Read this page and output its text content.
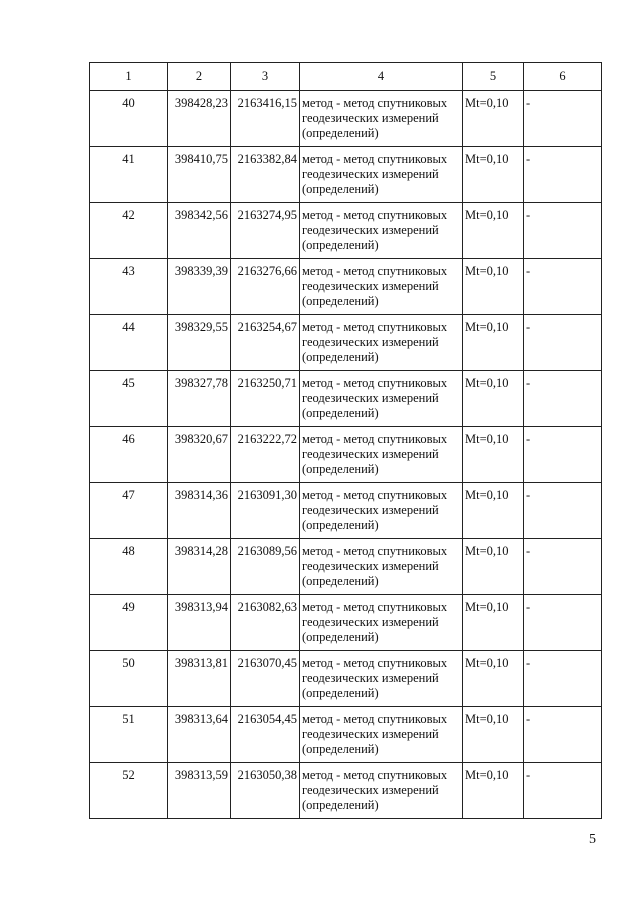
1	2	3	4	5	6
40	398428,23	2163416,15	метод - метод спутниковых геодезических измерений (определений)	Mt=0,10	-
41	398410,75	2163382,84	метод - метод спутниковых геодезических измерений (определений)	Mt=0,10	-
42	398342,56	2163274,95	метод - метод спутниковых геодезических измерений (определений)	Mt=0,10	-
43	398339,39	2163276,66	метод - метод спутниковых геодезических измерений (определений)	Mt=0,10	-
44	398329,55	2163254,67	метод - метод спутниковых геодезических измерений (определений)	Mt=0,10	-
45	398327,78	2163250,71	метод - метод спутниковых геодезических измерений (определений)	Mt=0,10	-
46	398320,67	2163222,72	метод - метод спутниковых геодезических измерений (определений)	Mt=0,10	-
47	398314,36	2163091,30	метод - метод спутниковых геодезических измерений (определений)	Mt=0,10	-
48	398314,28	2163089,56	метод - метод спутниковых геодезических измерений (определений)	Mt=0,10	-
49	398313,94	2163082,63	метод - метод спутниковых геодезических измерений (определений)	Mt=0,10	-
50	398313,81	2163070,45	метод - метод спутниковых геодезических измерений (определений)	Mt=0,10	-
51	398313,64	2163054,45	метод - метод спутниковых геодезических измерений (определений)	Mt=0,10	-
52	398313,59	2163050,38	метод - метод спутниковых геодезических измерений (определений)	Mt=0,10	-
5
